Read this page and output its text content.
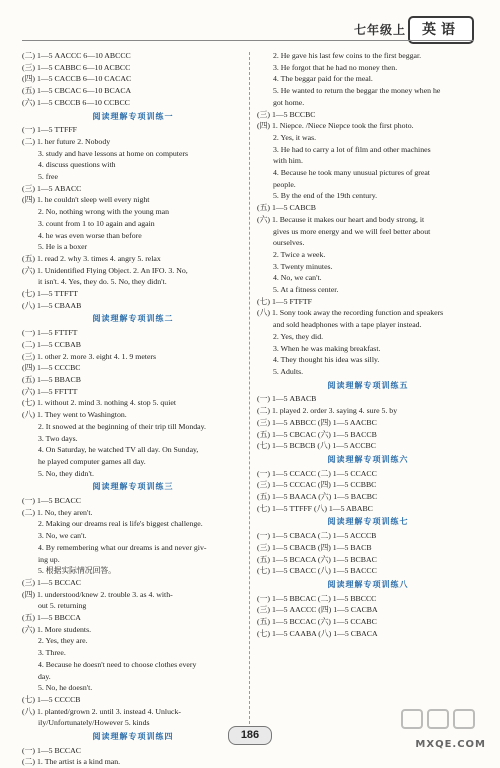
七年级上	英语
(二) 1—5 AACCC 6—10 ABCCC
(三) 1—5 CABBC 6—10 ACBCC
(四) 1—5 CACCB 6—10 CACAC
(五) 1—5 CBCAC 6—10 BCACA
(六) 1—5 CBCCB 6—10 CCBCC
阅读理解专项训练一
(一) 1—5 TTFFF
(二) 1. her future 2. Nobody
3. study and have lessons at home on computers
4. discuss questions with
5. free
(三) 1—5 ABACC
(四) 1. he couldn't sleep well every night
2. No, nothing wrong with the young man
3. count from 1 to 10 again and again
4. he was even worse than before
5. He is a boxer
(五) 1. read 2. why 3. times 4. angry 5. relax
(六) 1. Unidentified Flying Object. 2. An IFO. 3. No,
it isn't. 4. Yes, they do. 5. No, they didn't.
(七) 1—5 TTFTT
(八) 1—5 CBAAB
阅读理解专项训练二
(一) 1—5 FTTFT
(二) 1—5 CCBAB
(三) 1. other 2. more 3. eight 4. 1. 9 meters
(四) 1—5 CCCBC
(五) 1—5 BBACB
(六) 1—5 FFTTT
(七) 1. without 2. mind 3. nothing 4. stop 5. quiet
(八) 1. They went to Washington.
2. It snowed at the beginning of their trip till Monday.
3. Two days.
4. On Saturday, he watched TV all day. On Sunday,
he played computer games all day.
5. No, they didn't.
阅读理解专项训练三
(一) 1—5 BCACC
(二) 1. No, they aren't.
2. Making our dreams real is life's biggest challenge.
3. No, we can't.
4. By remembering what our dreams is and never giv-
ing up.
5. 根据实际情况回答。
(三) 1—5 BCCAC
(四) 1. understood/knew 2. trouble 3. as 4. with-
out 5. returning
(五) 1—5 BBCCA
(六) 1. More students.
2. Yes, they are.
3. Three.
4. Because he doesn't need to choose clothes every
day.
5. No, he doesn't.
(七) 1—5 CCCCB
(八) 1. planted/grown 2. until 3. instead 4. Unluck-
ily/Unfortunately/However 5. kinds
阅读理解专项训练四
(一) 1—5 BCCAC
(二) 1. The artist is a kind man.
2. He gave his last few coins to the first beggar.
3. He forgot that he had no money then.
4. The beggar paid for the meal.
5. He wanted to return the beggar the money when he
got home.
(三) 1—5 BCCBC
(四) 1. Niepce. /Niece Niepce took the first photo.
2. Yes, it was.
3. He had to carry a lot of film and other machines
with him.
4. Because he took many unusual pictures of great
people.
5. By the end of the 19th century.
(五) 1—5 CABCB
(六) 1. Because it makes our heart and body strong, it
gives us more energy and we will feel better about
ourselves.
2. Twice a week.
3. Twenty minutes.
4. No, we can't.
5. At a fitness center.
(七) 1—5 FTFTF
(八) 1. Sony took away the recording function and speakers
and sold headphones with a tape player instead.
2. Yes, they did.
3. When he was making breakfast.
4. They thought his idea was silly.
5. Adults.
阅读理解专项训练五
(一) 1—5 ABACB
(二) 1. played 2. order 3. saying 4. sure 5. by
(三) 1—5 ABBCC (四) 1—5 AACBC
(五) 1—5 CBCAC (六) 1—5 BACCB
(七) 1—5 BCBCB (八) 1—5 ACCBC
阅读理解专项训练六
(一) 1—5 CCACC (二) 1—5 CCACC
(三) 1—5 CCCAC (四) 1—5 CCBBC
(五) 1—5 BAACA (六) 1—5 BACBC
(七) 1—5 TTFFF (八) 1—5 ABABC
阅读理解专项训练七
(一) 1—5 CBACA (二) 1—5 ACCCB
(三) 1—5 CBACB (四) 1—5 BACB
(五) 1—5 BCACA (六) 1—5 BCBAC
(七) 1—5 CBACC (八) 1—5 BACCC
阅读理解专项训练八
(一) 1—5 BBCAC (二) 1—5 BBCCC
(三) 1—5 AACCC (四) 1—5 CACBA
(五) 1—5 BCCAC (六) 1—5 CCABC
(七) 1—5 CAABA (八) 1—5 CBACA
186
MXQE.COM
